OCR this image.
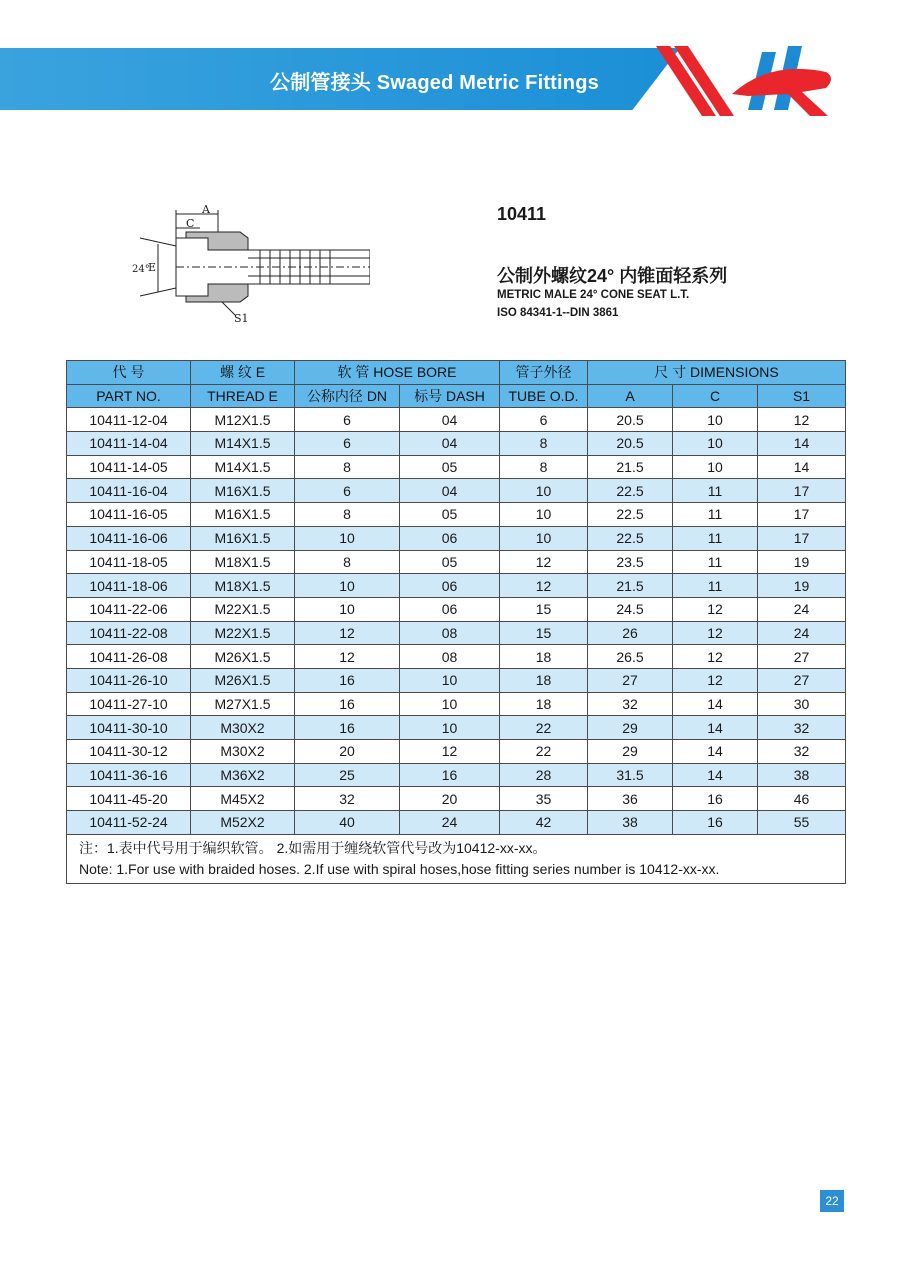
公制管接头 Swaged Metric Fittings
A
C
E
24°
S1
10411
公制外螺纹24° 内锥面轻系列
METRIC MALE 24° CONE SEAT L.T.
ISO 84341-1--DIN 3861
代 号	螺 纹 E	软 管 HOSE BORE		管子外径	尺 寸 DIMENSIONS		
PART NO.	THREAD E	公称内径 DN	标号 DASH	TUBE O.D.	A	C	S1
10411-12-04	M12X1.5	6	04	6	20.5	10	12
10411-14-04	M14X1.5	6	04	8	20.5	10	14
10411-14-05	M14X1.5	8	05	8	21.5	10	14
10411-16-04	M16X1.5	6	04	10	22.5	11	17
10411-16-05	M16X1.5	8	05	10	22.5	11	17
10411-16-06	M16X1.5	10	06	10	22.5	11	17
10411-18-05	M18X1.5	8	05	12	23.5	11	19
10411-18-06	M18X1.5	10	06	12	21.5	11	19
10411-22-06	M22X1.5	10	06	15	24.5	12	24
10411-22-08	M22X1.5	12	08	15	26	12	24
10411-26-08	M26X1.5	12	08	18	26.5	12	27
10411-26-10	M26X1.5	16	10	18	27	12	27
10411-27-10	M27X1.5	16	10	18	32	14	30
10411-30-10	M30X2	16	10	22	29	14	32
10411-30-12	M30X2	20	12	22	29	14	32
10411-36-16	M36X2	25	16	28	31.5	14	38
10411-45-20	M45X2	32	20	35	36	16	46
10411-52-24	M52X2	40	24	42	38	16	55

注：1.表中代号用于编织软管。 2.如需用于缠绕软管代号改为10412-xx-xx。
Note: 1.For use with braided hoses. 2.If use with spiral hoses,hose fitting series number is 10412-xx-xx.							
22
